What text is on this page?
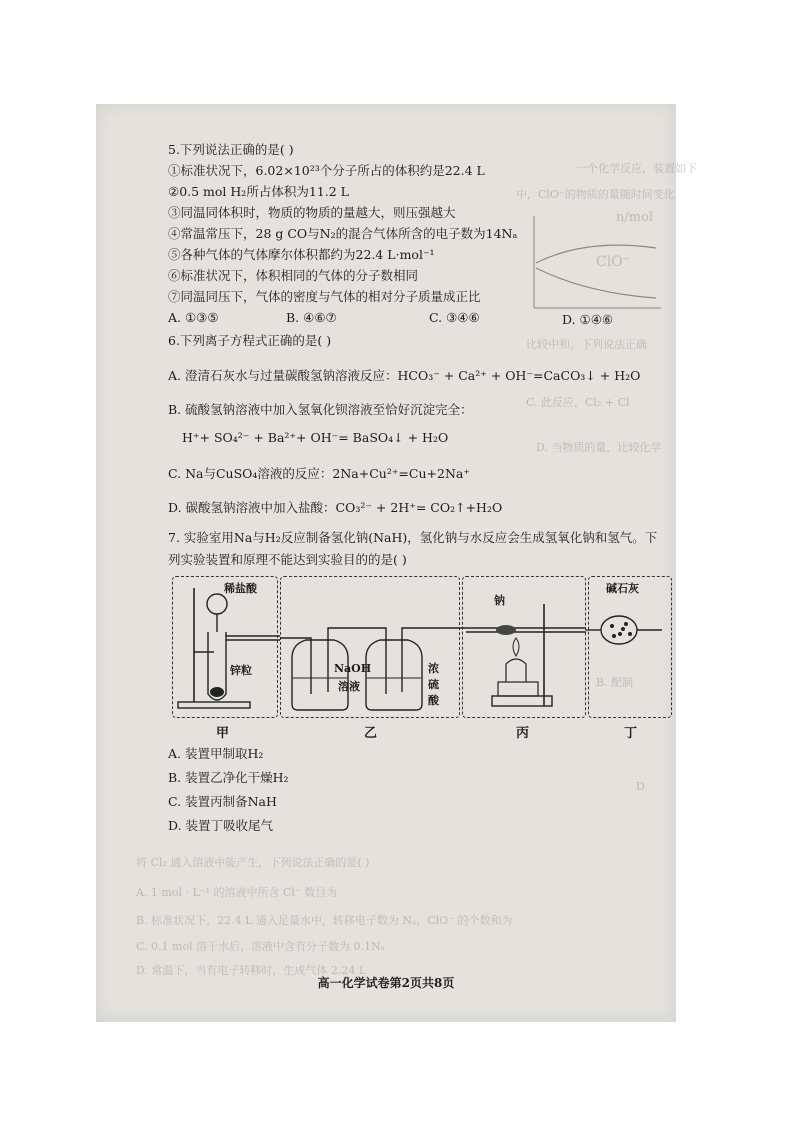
一个化学反应，装置如下
中，ClO⁻的物质的量随时间变化
比较中和，下列说法正确
C. 此反应，Cl₂ + Cl
D. 当物质的量，比较化学
B. 配制
D
将 Cl₂ 通入溶液中能产生，下列说法正确的是( )
A. 1 mol · L⁻¹ 的溶液中所含 Cl⁻ 数目为
B. 标准状况下，22.4 L 通入足量水中，转移电子数为 Nₐ，ClO⁻ 的个数和为
C. 0.1 mol 溶于水后，溶液中含有分子数为 0.1Nₐ
D. 常温下，当有电子转移时，生成气体 2.24 L
n/mol
ClO⁻
5.下列说法正确的是( )
①标准状况下，6.02×10²³个分子所占的体积约是22.4 L
②0.5 mol H₂所占体积为11.2 L
③同温同体积时，物质的物质的量越大，则压强越大
④常温常压下，28 g CO与N₂的混合气体所含的电子数为14Nₐ
⑤各种气体的气体摩尔体积都约为22.4 L·mol⁻¹
⑥标准状况下，体积相同的气体的分子数相同
⑦同温同压下，气体的密度与气体的相对分子质量成正比
A. ①③⑤	B. ④⑥⑦	C. ③④⑥	D. ①④⑥
6.下列离子方程式正确的是( )
A. 澄清石灰水与过量碳酸氢钠溶液反应：HCO₃⁻ + Ca²⁺ + OH⁻=CaCO₃↓ + H₂O
B. 硫酸氢钠溶液中加入氢氧化钡溶液至恰好沉淀完全：
H⁺+ SO₄²⁻ + Ba²⁺+ OH⁻= BaSO₄↓ + H₂O
C. Na与CuSO₄溶液的反应：2Na+Cu²⁺=Cu+2Na⁺
D. 碳酸氢钠溶液中加入盐酸：CO₃²⁻ + 2H⁺= CO₂↑+H₂O
7. 实验室用Na与H₂反应制备氢化钠(NaH)，氢化钠与水反应会生成氢氧化钠和氢气。下
列实验装置和原理不能达到实验目的的是( )
稀盐酸
锌粒	NaOH
溶液
浓
硫
酸
钠
碱石灰
甲	乙	丙	丁
A. 装置甲制取H₂
B. 装置乙净化干燥H₂
C. 装置丙制备NaH
D. 装置丁吸收尾气
高一化学试卷第2页共8页
